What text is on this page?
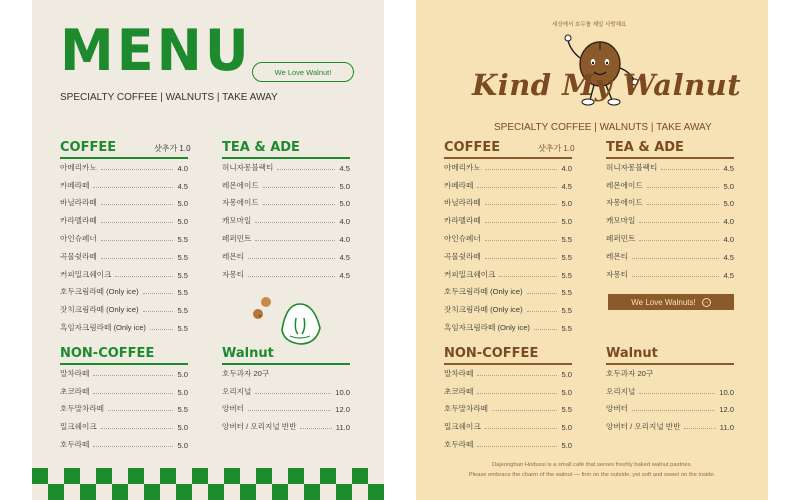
MENU	We Love Walnut!
SPECIALTY COFFEE | WALNUTS | TAKE AWAY
COFFEE	샷추가 1.0
아메리카노	4.0
카페라떼	4.5
바닐라라떼	5.0
카라멜라떼	5.0
아인슈페너	5.5
곡물쉿라떼	5.5
커피밀크쉐이크	5.5
호두크림라떼 (Only ice)	5.5
잣치크림라떼 (Only ice)	5.5
흑임자크림라떼 (Only ice)	5.5
TEA & ADE
허니자몽블랙티	4.5
레몬에이드	5.0
자몽에이드	5.0
캐모마일	4.0
페퍼민트	4.0
레몬티	4.5
자몽티	4.5
NON-COFFEE
말차라떼	5.0
초코라떼	5.0
호두말차라떼	5.5
밀크쉐이크	5.0
호두라떼	5.0
Walnut
호두과자 20구
오리지널	10.0
앙버터	12.0
앙버터 / 오리지널 반반	11.0
세상에서 호두를 제일 사랑해요
Kind My Walnut
SPECIALTY COFFEE | WALNUTS | TAKE AWAY
COFFEE	샷추가 1.0
아메리카노	4.0
카페라떼	4.5
바닐라라떼	5.0
카라멜라떼	5.0
아인슈페너	5.5
곡물쉿라떼	5.5
커피밀크쉐이크	5.5
호두크림라떼 (Only ice)	5.5
잣치크림라떼 (Only ice)	5.5
흑임자크림라떼 (Only ice)	5.5
TEA & ADE
허니자몽블랙티	4.5
레몬에이드	5.0
자몽에이드	5.0
캐모마일	4.0
페퍼민트	4.0
레몬티	4.5
자몽티	4.5
We Love Walnuts! →
NON-COFFEE
말차라떼	5.0
초코라떼	5.0
호두말차라떼	5.5
밀크쉐이크	5.0
호두라떼	5.0
Walnut
호두과자 20구
오리지널	10.0
앙버터	12.0
앙버터 / 오리지널 반반	11.0
Dajeonghan Hodussi is a small café that serves freshly baked walnut pastries.
Please embrace the charm of the walnut — firm on the outside, yet soft and sweet on the inside.
